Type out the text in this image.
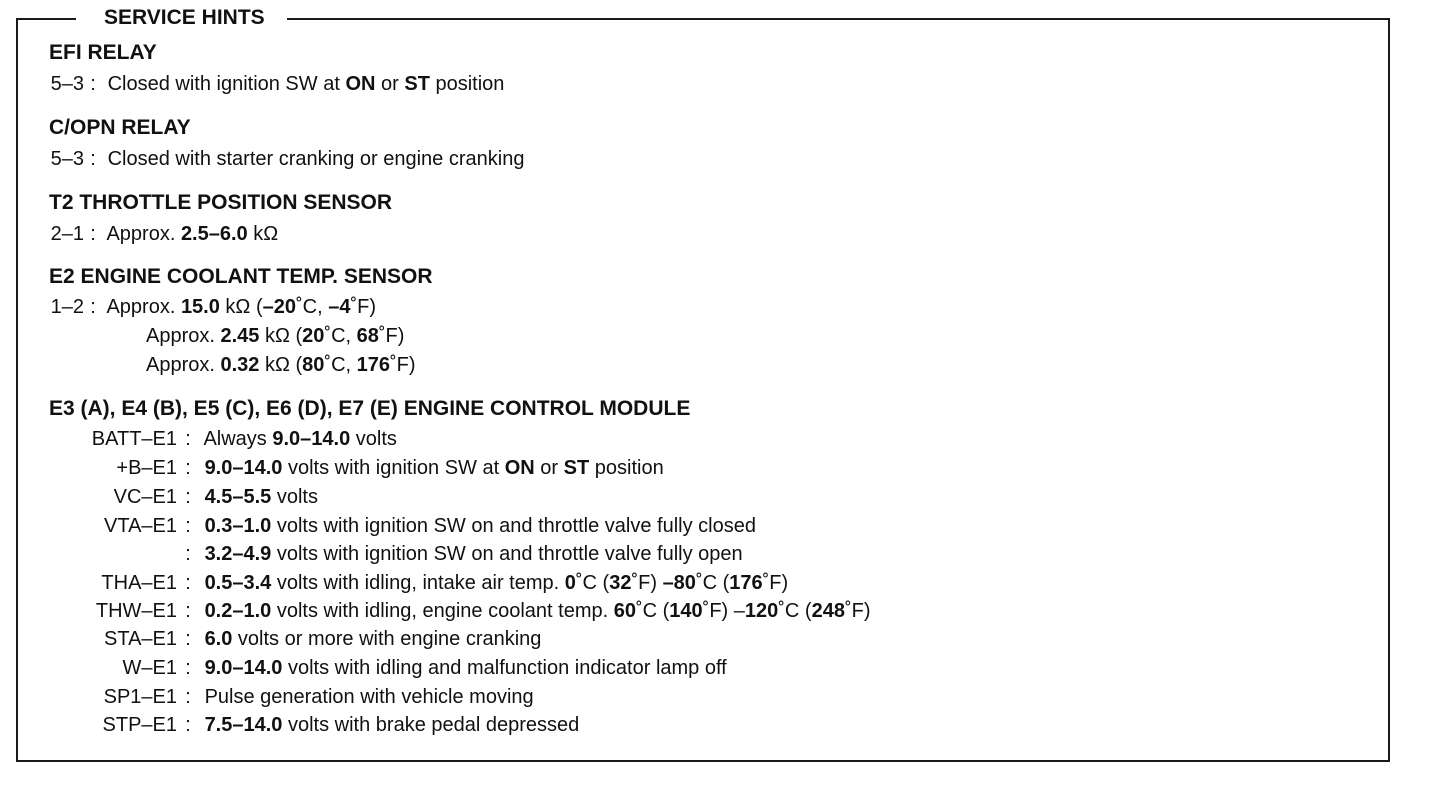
SERVICE HINTS
EFI RELAY
5–3 : Closed with ignition SW at ON or ST position
C/OPN RELAY
5–3 : Closed with starter cranking or engine cranking
T2 THROTTLE POSITION SENSOR
2–1 : Approx. 2.5–6.0 kΩ
E2 ENGINE COOLANT TEMP. SENSOR
1–2 : Approx. 15.0 kΩ (–20˚C, –4˚F)
Approx. 2.45 kΩ (20˚C, 68˚F)
Approx. 0.32 kΩ (80˚C, 176˚F)
E3 (A), E4 (B), E5 (C), E6 (D), E7 (E) ENGINE CONTROL MODULE
BATT–E1 : Always 9.0–14.0 volts
+B–E1 : 9.0–14.0 volts with ignition SW at ON or ST position
VC–E1 : 4.5–5.5 volts
VTA–E1 : 0.3–1.0 volts with ignition SW on and throttle valve fully closed
: 3.2–4.9 volts with ignition SW on and throttle valve fully open
THA–E1 : 0.5–3.4 volts with idling, intake air temp. 0˚C (32˚F) –80˚C (176˚F)
THW–E1 : 0.2–1.0 volts with idling, engine coolant temp. 60˚C (140˚F) –120˚C (248˚F)
STA–E1 : 6.0 volts or more with engine cranking
W–E1 : 9.0–14.0 volts with idling and malfunction indicator lamp off
SP1–E1 : Pulse generation with vehicle moving
STP–E1 : 7.5–14.0 volts with brake pedal depressed
